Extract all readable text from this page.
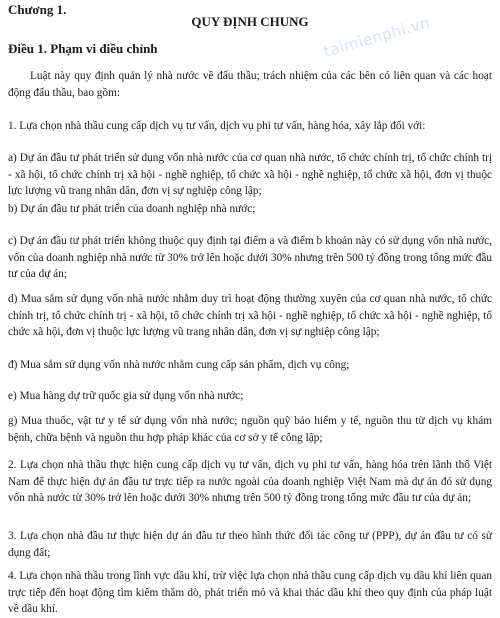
taimienphi.vn
Chương 1.
QUY ĐỊNH CHUNG
Điều 1. Phạm vi điều chỉnh

Luật này quy định quản lý nhà nước về đấu thầu; trách nhiệm của các bên có liên quan và các hoạt động đấu thầu, bao gồm:

1. Lựa chọn nhà thầu cung cấp dịch vụ tư vấn, dịch vụ phi tư vấn, hàng hóa, xây lắp đối với:

a) Dự án đầu tư phát triển sử dụng vốn nhà nước của cơ quan nhà nước, tổ chức chính trị, tổ chức chính trị - xã hội, tổ chức chính trị xã hội - nghề nghiệp, tổ chức xã hội - nghề nghiệp, tổ chức xã hội, đơn vị thuộc lực lượng vũ trang nhân dân, đơn vị sự nghiệp công lập;

b) Dự án đầu tư phát triển của doanh nghiệp nhà nước;

c) Dự án đầu tư phát triển không thuộc quy định tại điểm a và điểm b khoản này có sử dụng vốn nhà nước, vốn của doanh nghiệp nhà nước từ 30% trở lên hoặc dưới 30% nhưng trên 500 tỷ đồng trong tổng mức đầu tư của dự án;

d) Mua sắm sử dụng vốn nhà nước nhằm duy trì hoạt động thường xuyên của cơ quan nhà nước, tổ chức chính trị, tổ chức chính trị - xã hội, tổ chức chính trị xã hội - nghề nghiệp, tổ chức xã hội - nghề nghiệp, tổ chức xã hội, đơn vị thuộc lực lượng vũ trang nhân dân, đơn vị sự nghiệp công lập;

đ) Mua sắm sử dụng vốn nhà nước nhằm cung cấp sản phẩm, dịch vụ công;

e) Mua hàng dự trữ quốc gia sử dụng vốn nhà nước;

g) Mua thuốc, vật tư y tế sử dụng vốn nhà nước; nguồn quỹ bảo hiểm y tế, nguồn thu từ dịch vụ khám bệnh, chữa bệnh và nguồn thu hợp pháp khác của cơ sở y tế công lập;

2. Lựa chọn nhà thầu thực hiện cung cấp dịch vụ tư vấn, dịch vụ phi tư vấn, hàng hóa trên lãnh thổ Việt Nam để thực hiện dự án đầu tư trực tiếp ra nước ngoài của doanh nghiệp Việt Nam mà dự án đó sử dụng vốn nhà nước từ 30% trở lên hoặc dưới 30% nhưng trên 500 tỷ đồng trong tổng mức đầu tư của dự án;

3. Lựa chọn nhà đầu tư thực hiện dự án đầu tư theo hình thức đối tác công tư (PPP), dự án đầu tư có sử dụng đất;

4. Lựa chọn nhà thầu trong lĩnh vực dầu khí, trừ việc lựa chọn nhà thầu cung cấp dịch vụ dầu khí liên quan trực tiếp đến hoạt động tìm kiếm thăm dò, phát triển mỏ và khai thác dầu khí theo quy định của pháp luật về dầu khí.
